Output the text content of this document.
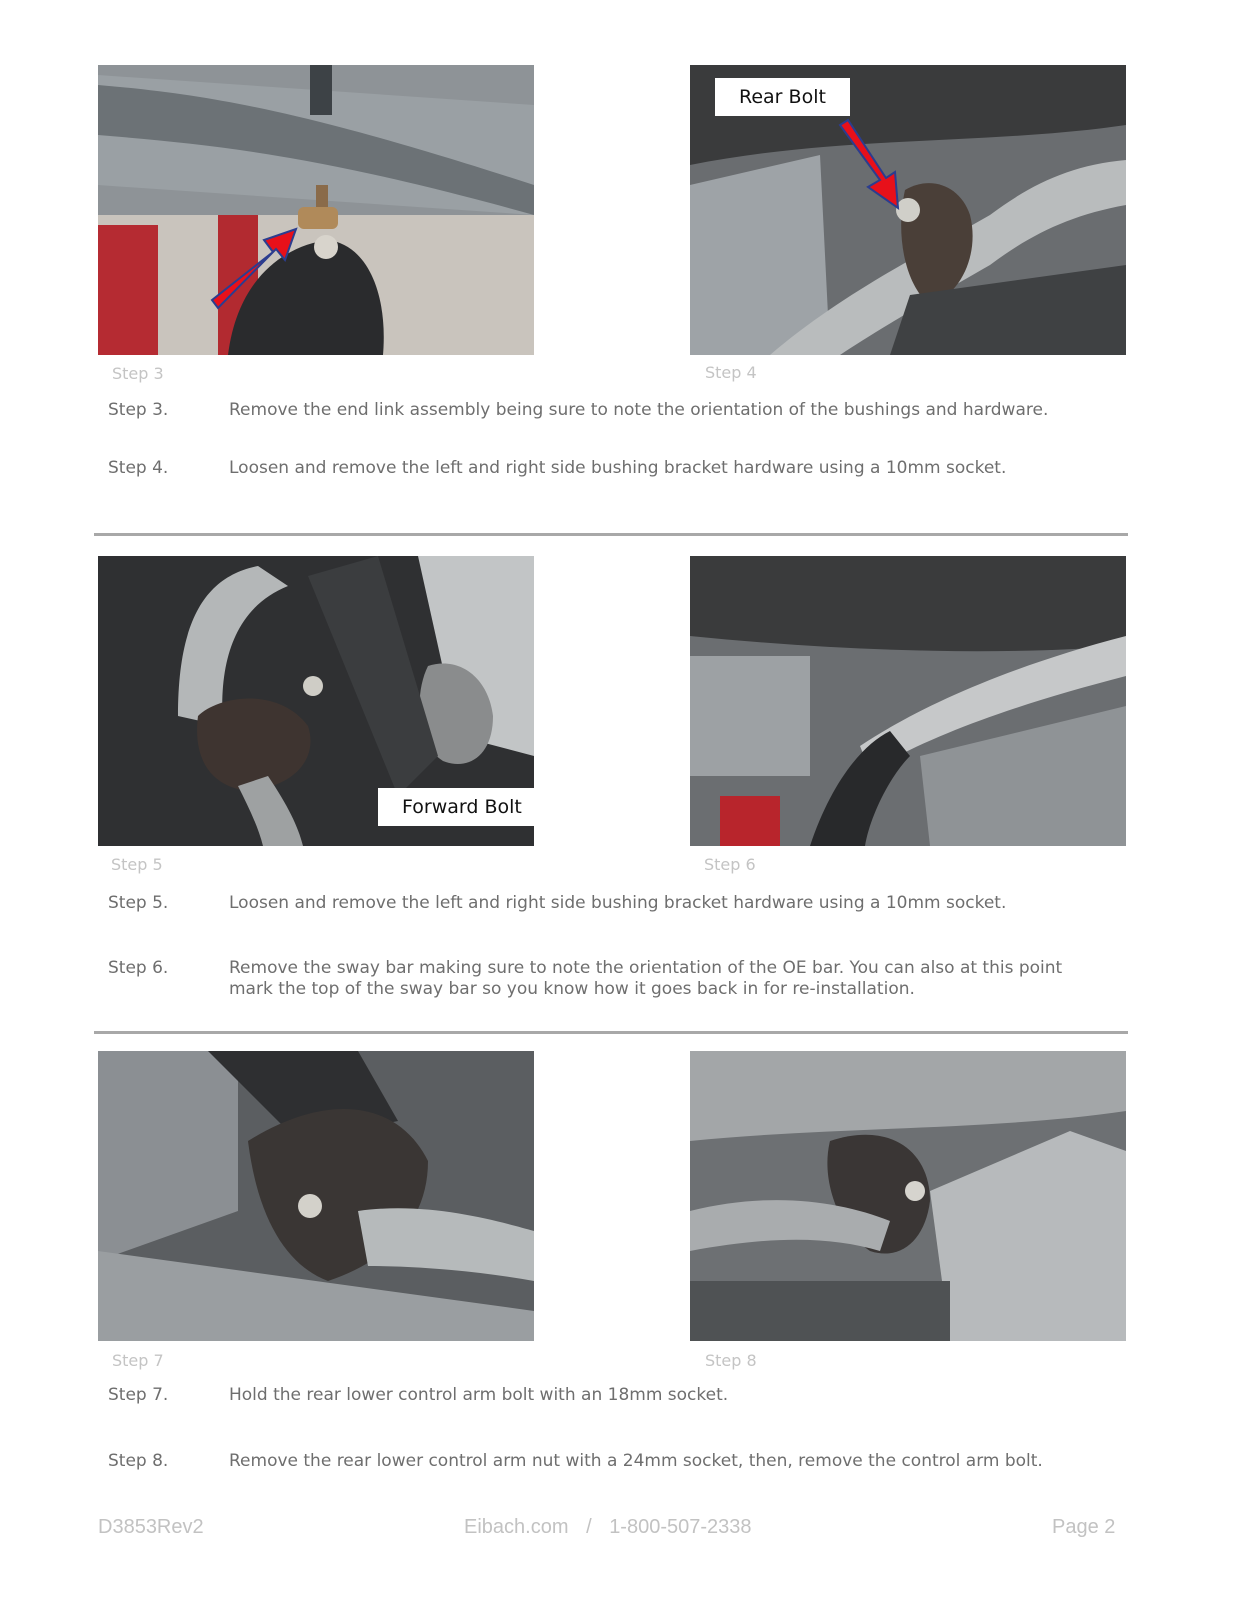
Rear Bolt
Step 3	Step 4
Step 3.	Remove the end link assembly being sure to note the orientation of the bushings and hardware.
Step 4.	Loosen and remove the left and right side bushing bracket hardware using a 10mm socket.
Forward Bolt
Step 5	Step 6
Step 5.	Loosen and remove the left and right side bushing bracket hardware using a 10mm socket.
Step 6.	Remove the sway bar making sure to note the orientation of the OE bar. You can also at this point mark the top of the sway bar so you know how it goes back in for re-installation.
Step 7	Step 8
Step 7.	Hold the rear lower control arm bolt with an 18mm socket.
Step 8.	Remove the rear lower control arm nut with a 24mm socket, then, remove the control arm bolt.
D3853Rev2	Eibach.com / 1-800-507-2338	Page 2
